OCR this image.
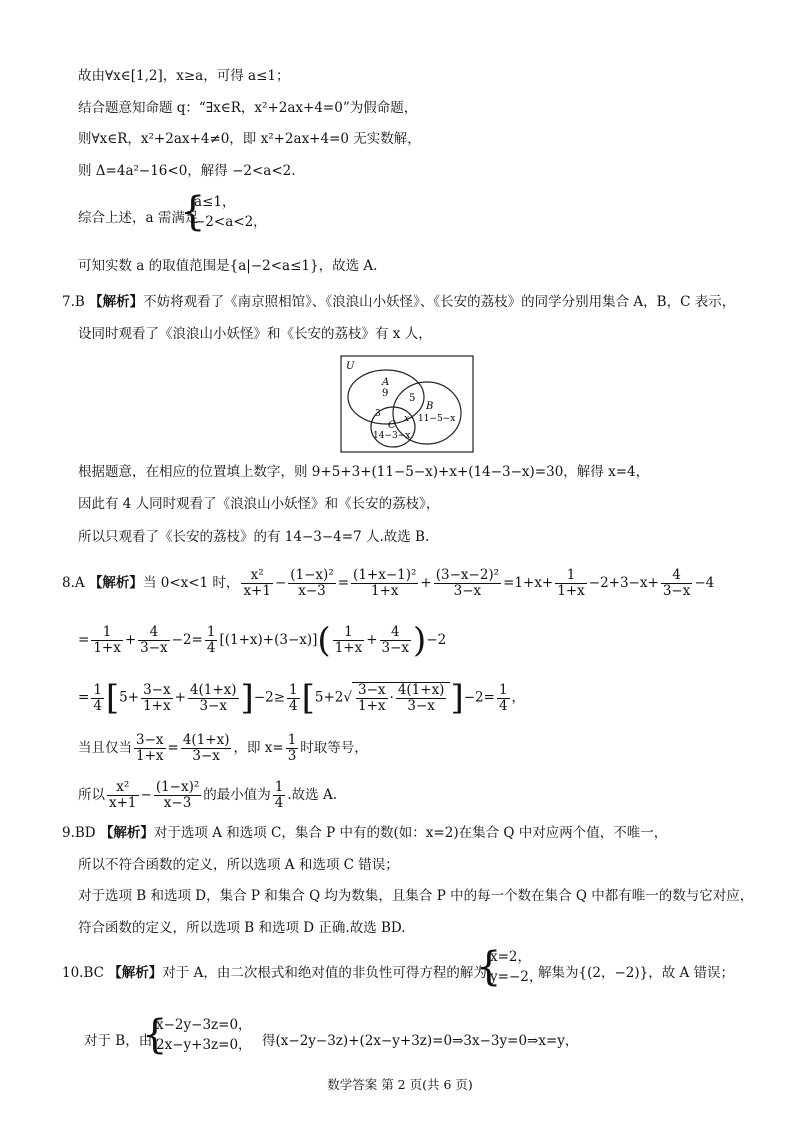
故由∀x∈[1,2]，x≥a，可得 a≤1；
结合题意知命题 q：“∃x∈R，x²+2ax+4=0”为假命题，
则∀x∈R，x²+2ax+4≠0，即 x²+2ax+4=0 无实数解，
则 Δ=4a²−16<0，解得 −2<a<2.
综合上述，a 需满足
{
a≤1，
−2<a<2，
可知实数 a 的取值范围是{a|−2<a≤1}，故选 A.
7.B 【解析】不妨将观看了《南京照相馆》、《浪浪山小妖怪》、《长安的荔枝》的同学分别用集合 A，B，C 表示，
设同时观看了《浪浪山小妖怪》和《长安的荔枝》有 x 人，
U
A
9 5
B
11−5−x
3	x
C
14−3−x
根据题意，在相应的位置填上数字，则 9+5+3+(11−5−x)+x+(14−3−x)=30，解得 x=4，
因此有 4 人同时观看了《浪浪山小妖怪》和《长安的荔枝》，
所以只观看了《长安的荔枝》的有 14−3−4=7 人.故选 B.
8.A 【解析】当 0<x<1 时， $\frac{\text{x²}}{x+1} - \frac{\text{(1−x)²}}{x-3} = \frac{\text{(1+x−1)²}}{1+x} + \frac{\text{(3−x−2)²}}{3-x} =1+x+ \frac{1}{1+x} -2+3-x+ \frac{4}{3-x} -4$
= $\frac{1}{1+x} + \frac{4}{3-x} -2= \frac{1}{4} [(1+x)+(3-x)]( \frac{1}{1+x} + \frac{4}{3-x} )-2$
= $\frac{1}{4} [5+ \frac{3-x}{1+x} + \frac{4(1+x)}{3-x} ]-2\ge \frac{1}{4} [5+2√ \frac{3-x}{1+x} \cdot \frac{4(1+x)}{3-x} ]-2= \frac{1}{4}$ ，
当且仅当 $\frac{3-x}{1+x} = \frac{4(1+x)}{3-x}$ ，即 $x= \frac{1}{3}$ 时取等号，
所以 $\frac{\text{x²}}{x+1} - \frac{\text{(1−x)²}}{x-3}$ 的最小值为 $\frac{1}{4}$ .故选 A.
9.BD 【解析】对于选项 A 和选项 C，集合 P 中有的数(如：x=2)在集合 Q 中对应两个值，不唯一，
所以不符合函数的定义，所以选项 A 和选项 C 错误；
对于选项 B 和选项 D，集合 P 和集合 Q 均为数集，且集合 P 中的每一个数在集合 Q 中都有唯一的数与它对应，
符合函数的定义，所以选项 B 和选项 D 正确.故选 BD.
10.BC 【解析】对于 A，由二次根式和绝对值的非负性可得方程的解为
{
x=2，
y=−2，
解集为{(2，−2)}，故 A 错误；
对于 B，由
{
x−2y−3z=0，
2x−y+3z=0， 得(x−2y−3z)+(2x−y+3z)=0⇒3x−3y=0⇒x=y，
数学答案 第 2 页(共 6 页)
